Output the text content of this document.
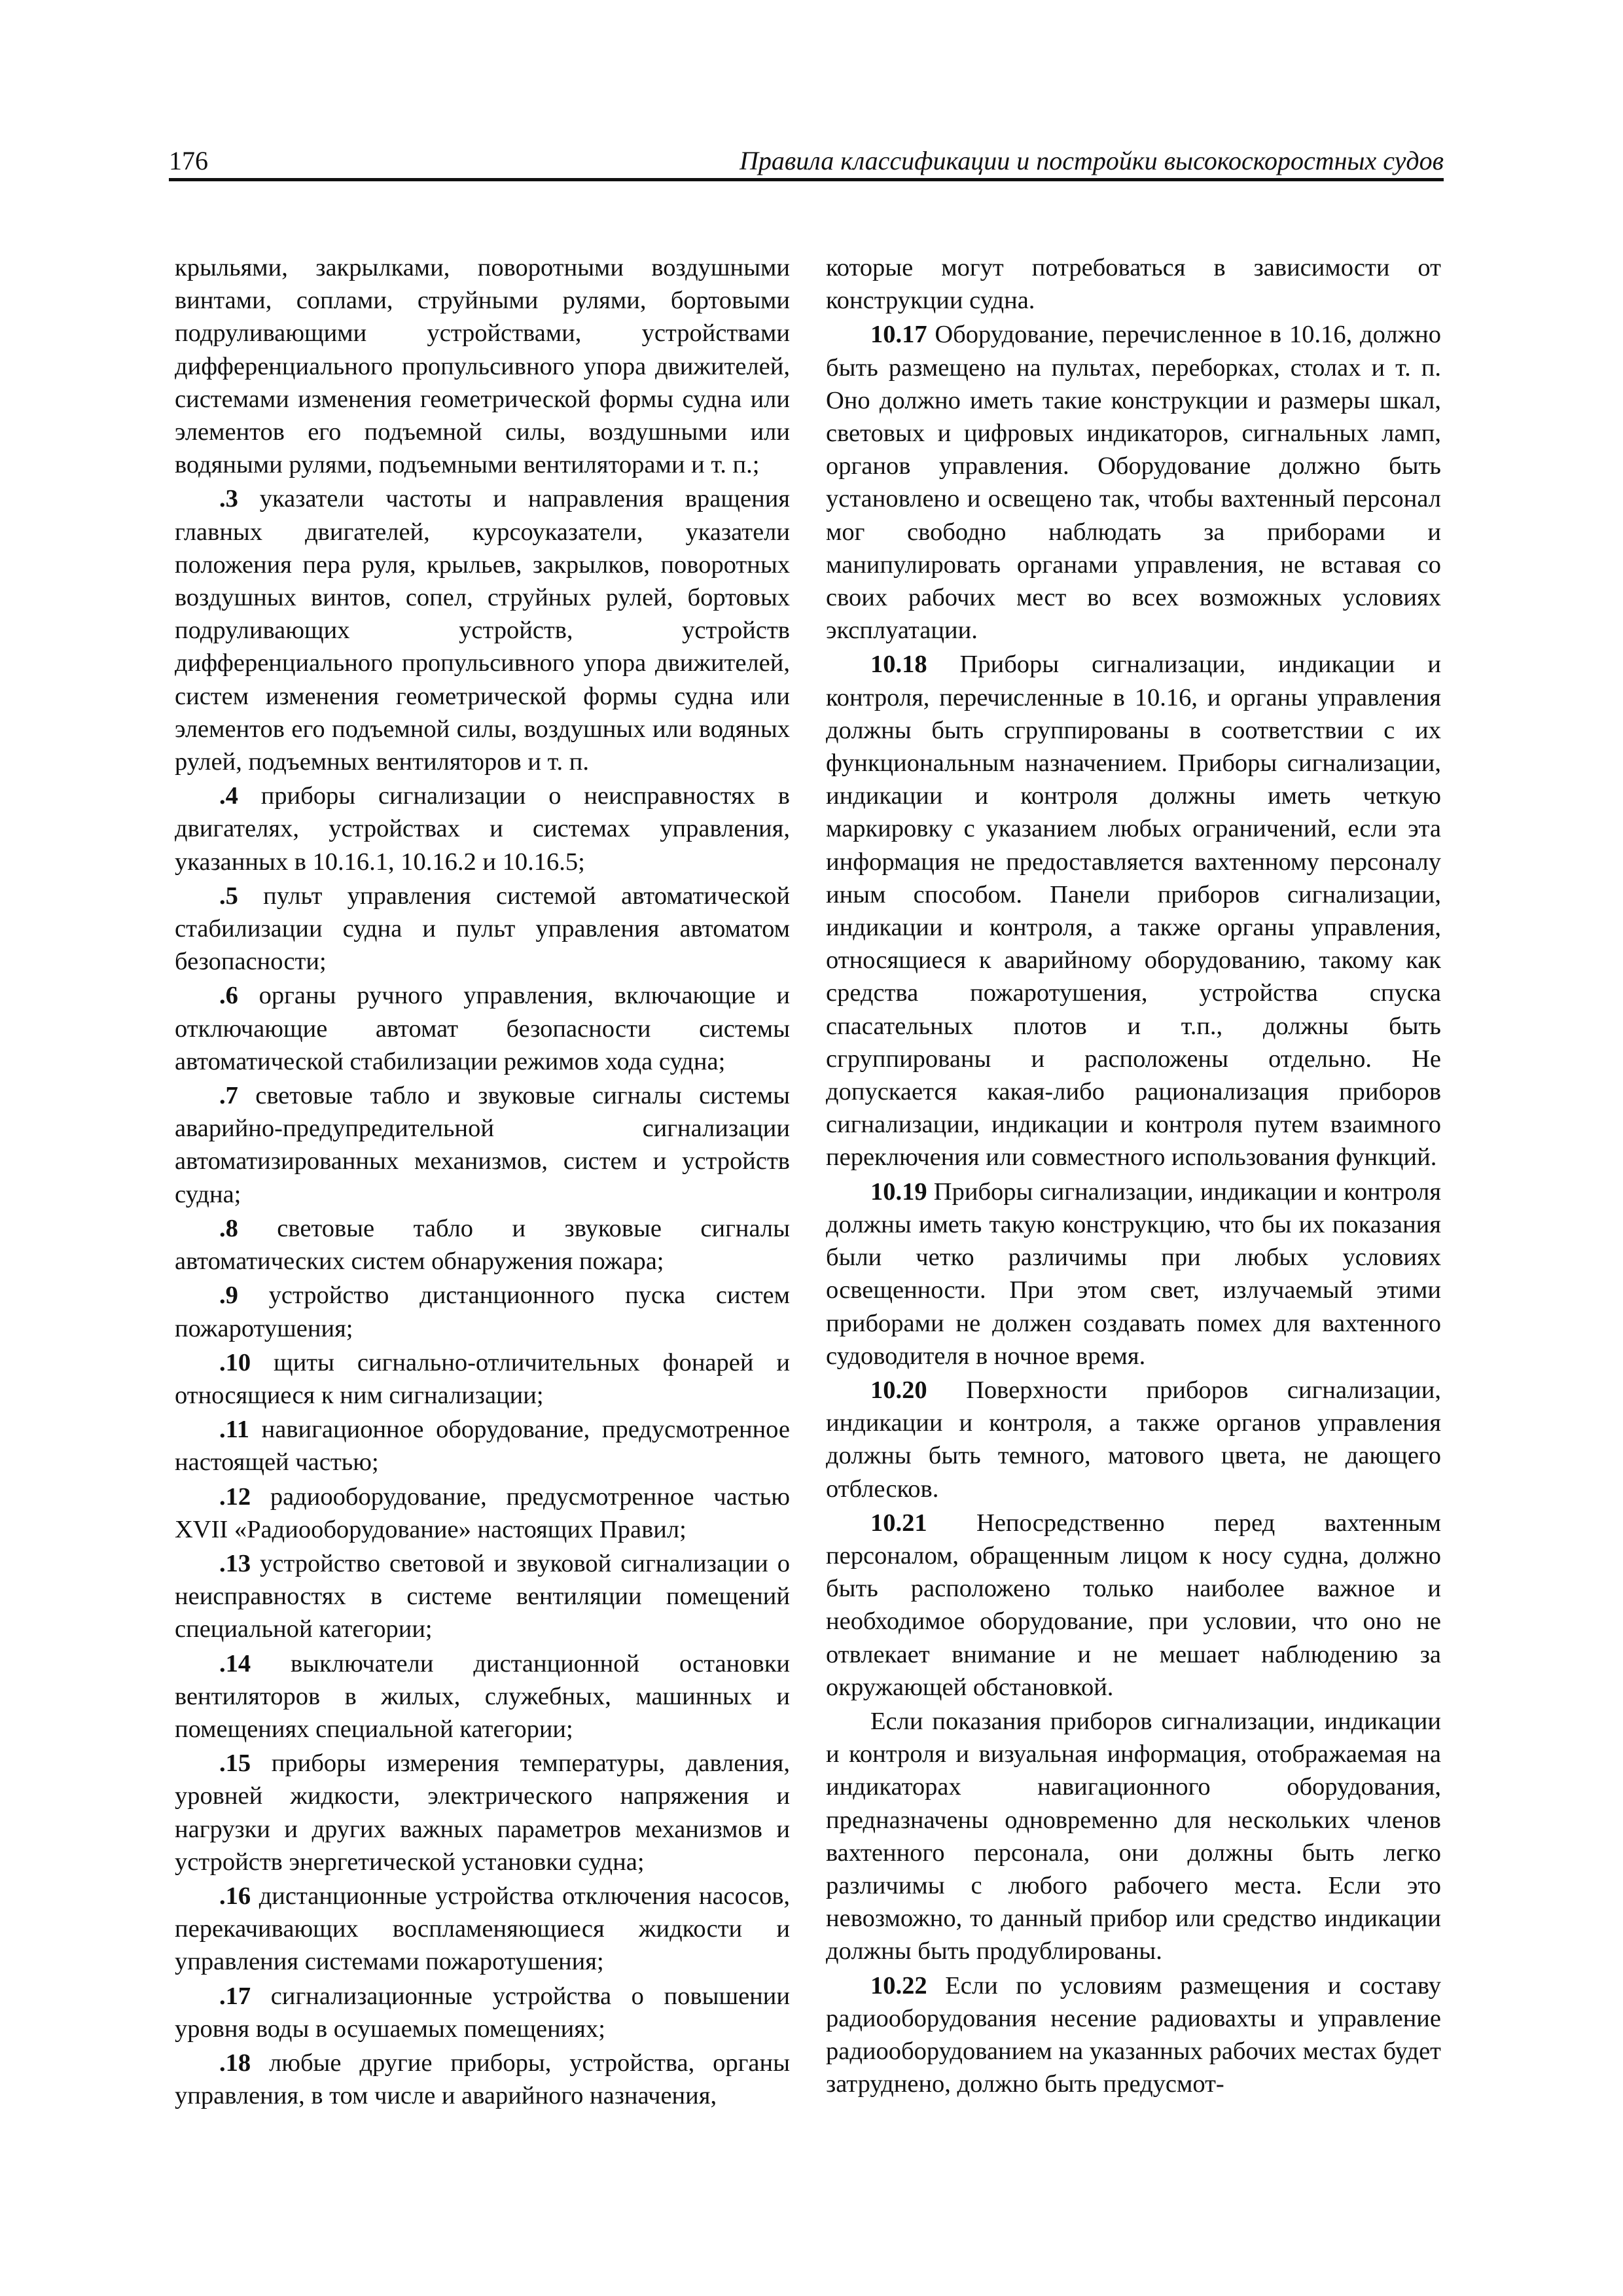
176	Правила классификации и постройки высокоскоростных судов

крыльями, закрылками, поворотными воздушными винтами, соплами, струйными рулями, бортовыми подруливающими устройствами, устройствами дифференциального пропульсивного упора движителей, системами изменения геометрической формы судна или элементов его подъемной силы, воздушными или водяными рулями, подъемными вентиляторами и т. п.;

.3 указатели частоты и направления вращения главных двигателей, курсоуказатели, указатели положения пера руля, крыльев, закрылков, поворотных воздушных винтов, сопел, струйных рулей, бортовых подруливающих устройств, устройств дифференциального пропульсивного упора движителей, систем изменения геометрической формы судна или элементов его подъемной силы, воздушных или водяных рулей, подъемных вентиляторов и т. п.

.4 приборы сигнализации о неисправностях в двигателях, устройствах и системах управления, указанных в 10.16.1, 10.16.2 и 10.16.5;

.5 пульт управления системой автоматической стабилизации судна и пульт управления автоматом безопасности;

.6 органы ручного управления, включающие и отключающие автомат безопасности системы автоматической стабилизации режимов хода судна;

.7 световые табло и звуковые сигналы системы аварийно-предупредительной сигнализации автоматизированных механизмов, систем и устройств судна;

.8 световые табло и звуковые сигналы автоматических систем обнаружения пожара;

.9 устройство дистанционного пуска систем пожаротушения;

.10 щиты сигнально-отличительных фонарей и относящиеся к ним сигнализации;

.11 навигационное оборудование, предусмотренное настоящей частью;

.12 радиооборудование, предусмотренное частью XVII «Радиооборудование» настоящих Правил;

.13 устройство световой и звуковой сигнализации о неисправностях в системе вентиляции помещений специальной категории;

.14 выключатели дистанционной остановки вентиляторов в жилых, служебных, машинных и помещениях специальной категории;

.15 приборы измерения температуры, давления, уровней жидкости, электрического напряжения и нагрузки и других важных параметров механизмов и устройств энергетической установки судна;

.16 дистанционные устройства отключения насосов, перекачивающих воспламеняющиеся жидкости и управления системами пожаротушения;

.17 сигнализационные устройства о повышении уровня воды в осушаемых помещениях;

.18 любые другие приборы, устройства, органы управления, в том числе и аварийного назначения,

которые могут потребоваться в зависимости от конструкции судна.

10.17 Оборудование, перечисленное в 10.16, должно быть размещено на пультах, переборках, столах и т. п. Оно должно иметь такие конструкции и размеры шкал, световых и цифровых индикаторов, сигнальных ламп, органов управления. Оборудование должно быть установлено и освещено так, чтобы вахтенный персонал мог свободно наблюдать за приборами и манипулировать органами управления, не вставая со своих рабочих мест во всех возможных условиях эксплуатации.

10.18 Приборы сигнализации, индикации и контроля, перечисленные в 10.16, и органы управления должны быть сгруппированы в соответствии с их функциональным назначением. Приборы сигнализации, индикации и контроля должны иметь четкую маркировку с указанием любых ограничений, если эта информация не предоставляется вахтенному персоналу иным способом. Панели приборов сигнализации, индикации и контроля, а также органы управления, относящиеся к аварийному оборудованию, такому как средства пожаротушения, устройства спуска спасательных плотов и т.п., должны быть сгруппированы и расположены отдельно. Не допускается какая-либо рационализация приборов сигнализации, индикации и контроля путем взаимного переключения или совместного использования функций.

10.19 Приборы сигнализации, индикации и контроля должны иметь такую конструкцию, что бы их показания были четко различимы при любых условиях освещенности. При этом свет, излучаемый этими приборами не должен создавать помех для вахтенного судоводителя в ночное время.

10.20 Поверхности приборов сигнализации, индикации и контроля, а также органов управления должны быть темного, матового цвета, не дающего отблесков.

10.21 Непосредственно перед вахтенным персоналом, обращенным лицом к носу судна, должно быть расположено только наиболее важное и необходимое оборудование, при условии, что оно не отвлекает внимание и не мешает наблюдению за окружающей обстановкой.

Если показания приборов сигнализации, индикации и контроля и визуальная информация, отображаемая на индикаторах навигационного оборудования, предназначены одновременно для нескольких членов вахтенного персонала, они должны быть легко различимы с любого рабочего места. Если это невозможно, то данный прибор или средство индикации должны быть продублированы.

10.22 Если по условиям размещения и составу радиооборудования несение радиовахты и управление радиооборудованием на указанных рабочих местах будет затруднено, должно быть предусмот-
